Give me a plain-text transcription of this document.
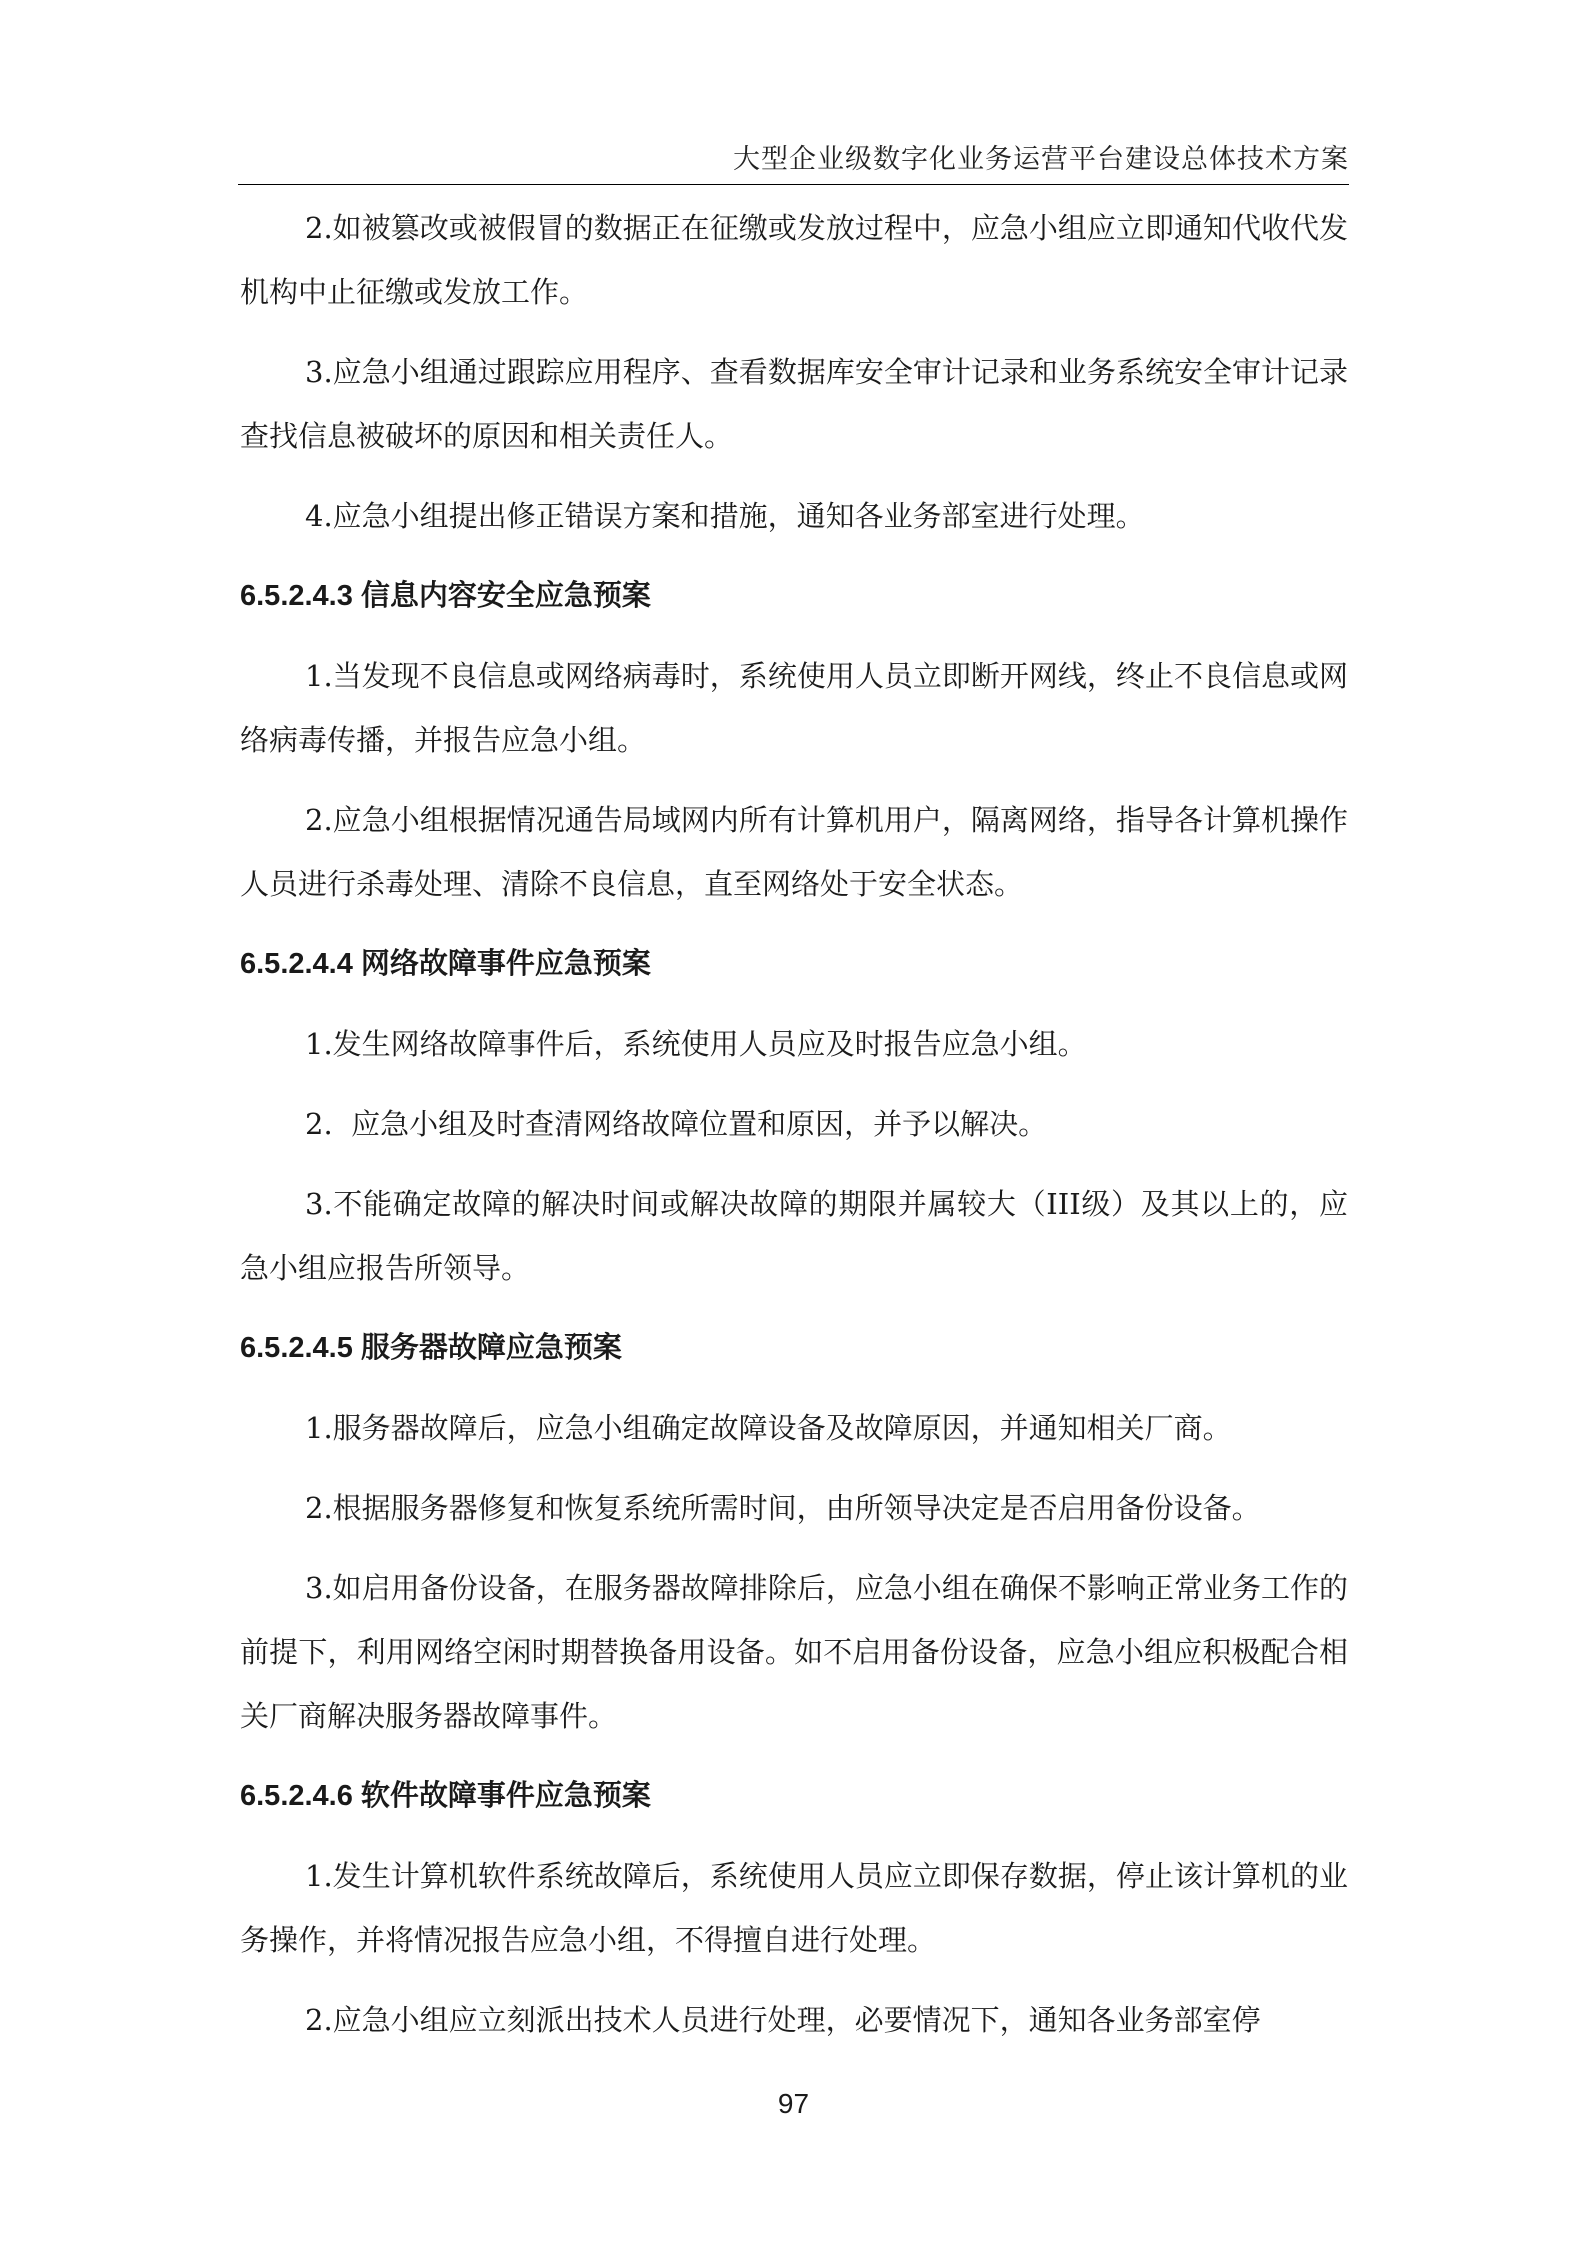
大型企业级数字化业务运营平台建设总体技术方案

2.如被篡改或被假冒的数据正在征缴或发放过程中，应急小组应立即通知代收代发机构中止征缴或发放工作。

3.应急小组通过跟踪应用程序、查看数据库安全审计记录和业务系统安全审计记录查找信息被破坏的原因和相关责任人。

4.应急小组提出修正错误方案和措施，通知各业务部室进行处理。

6.5.2.4.3 信息内容安全应急预案

1.当发现不良信息或网络病毒时，系统使用人员立即断开网线，终止不良信息或网络病毒传播，并报告应急小组。

2.应急小组根据情况通告局域网内所有计算机用户，隔离网络，指导各计算机操作人员进行杀毒处理、清除不良信息，直至网络处于安全状态。

6.5.2.4.4 网络故障事件应急预案

1.发生网络故障事件后，系统使用人员应及时报告应急小组。

2.  应急小组及时查清网络故障位置和原因，并予以解决。

3.不能确定故障的解决时间或解决故障的期限并属较大（III级）及其以上的，应急小组应报告所领导。

6.5.2.4.5 服务器故障应急预案

1.服务器故障后，应急小组确定故障设备及故障原因，并通知相关厂商。

2.根据服务器修复和恢复系统所需时间，由所领导决定是否启用备份设备。

3.如启用备份设备，在服务器故障排除后，应急小组在确保不影响正常业务工作的前提下，利用网络空闲时期替换备用设备。如不启用备份设备，应急小组应积极配合相关厂商解决服务器故障事件。

6.5.2.4.6 软件故障事件应急预案

1.发生计算机软件系统故障后，系统使用人员应立即保存数据，停止该计算机的业务操作，并将情况报告应急小组，不得擅自进行处理。

2.应急小组应立刻派出技术人员进行处理，必要情况下，通知各业务部室停

97
